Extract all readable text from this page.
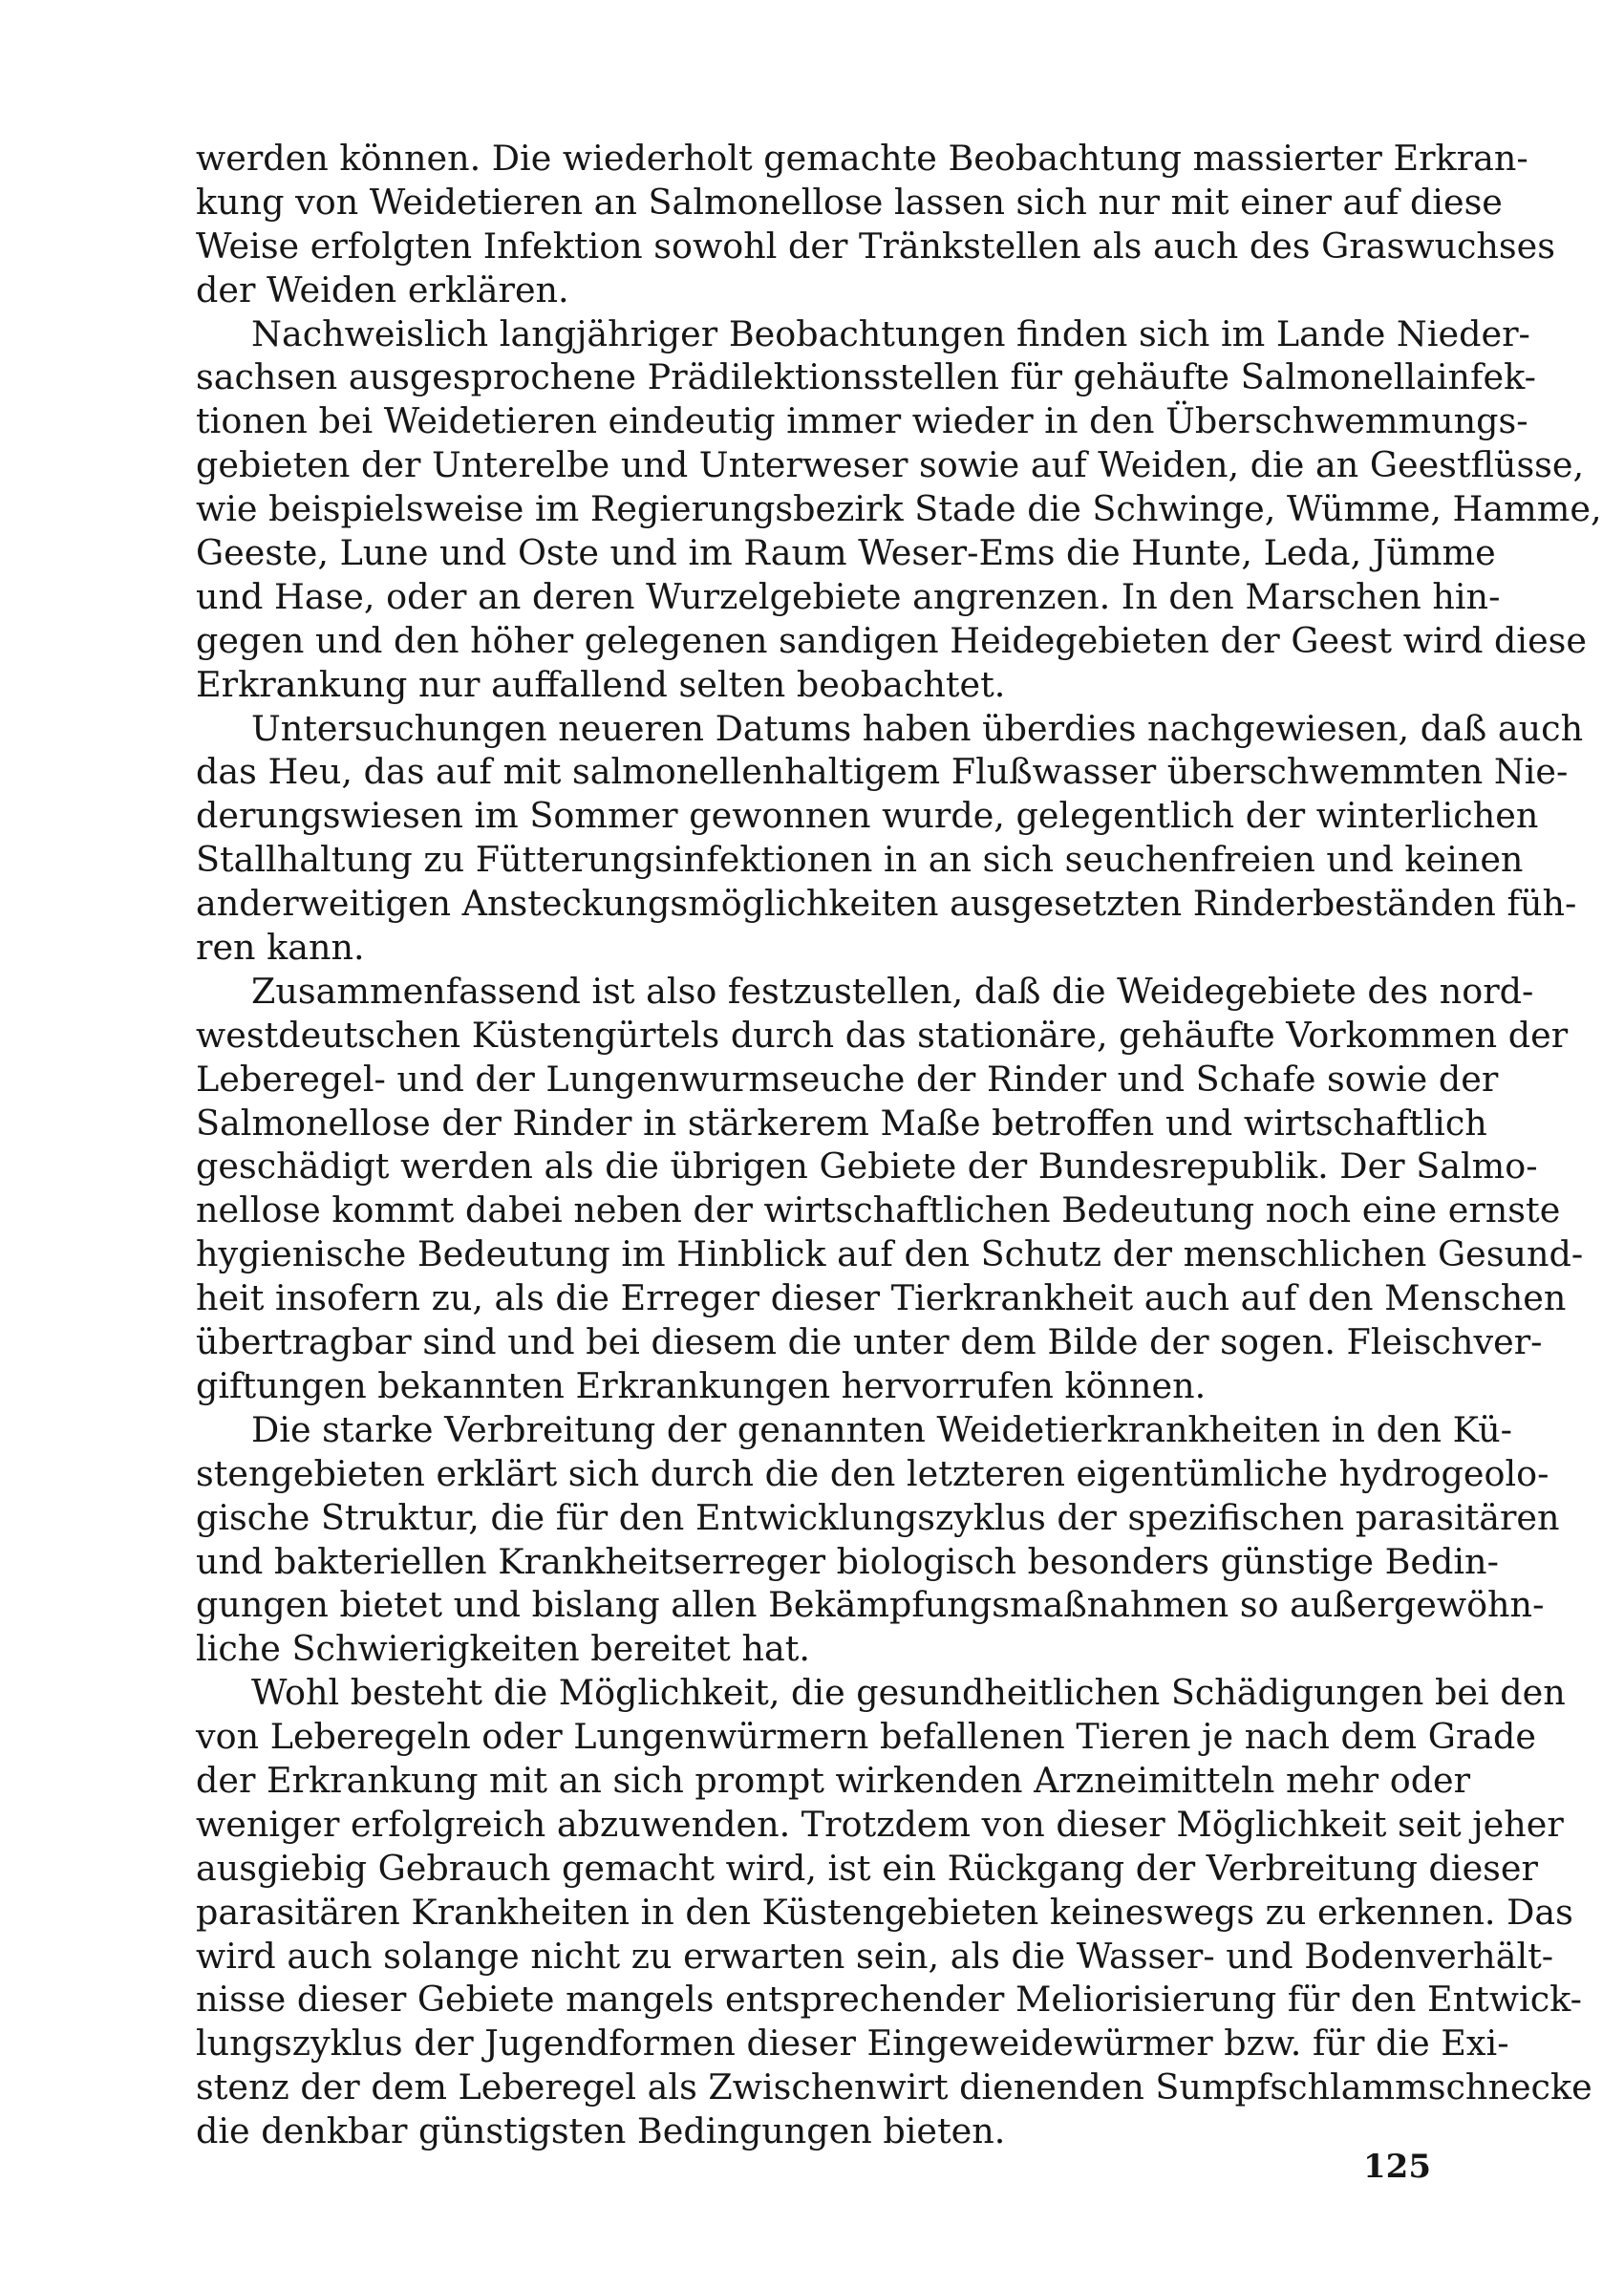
werden können. Die wiederholt gemachte Beobachtung massierter Erkran-
kung von Weidetieren an Salmonellose lassen sich nur mit einer auf diese
Weise erfolgten Infektion sowohl der Tränkstellen als auch des Graswuchses
der Weiden erklären.
Nachweislich langjähriger Beobachtungen finden sich im Lande Nieder-
sachsen ausgesprochene Prädilektionsstellen für gehäufte Salmonellainfek-
tionen bei Weidetieren eindeutig immer wieder in den Überschwemmungs-
gebieten der Unterelbe und Unterweser sowie auf Weiden, die an Geestflüsse,
wie beispielsweise im Regierungsbezirk Stade die Schwinge, Wümme, Hamme,
Geeste, Lune und Oste und im Raum Weser-Ems die Hunte, Leda, Jümme
und Hase, oder an deren Wurzelgebiete angrenzen. In den Marschen hin-
gegen und den höher gelegenen sandigen Heidegebieten der Geest wird diese
Erkrankung nur auffallend selten beobachtet.
Untersuchungen neueren Datums haben überdies nachgewiesen, daß auch
das Heu, das auf mit salmonellenhaltigem Flußwasser überschwemmten Nie-
derungswiesen im Sommer gewonnen wurde, gelegentlich der winterlichen
Stallhaltung zu Fütterungsinfektionen in an sich seuchenfreien und keinen
anderweitigen Ansteckungsmöglichkeiten ausgesetzten Rinderbeständen füh-
ren kann.
Zusammenfassend ist also festzustellen, daß die Weidegebiete des nord-
westdeutschen Küstengürtels durch das stationäre, gehäufte Vorkommen der
Leberegel- und der Lungenwurmseuche der Rinder und Schafe sowie der
Salmonellose der Rinder in stärkerem Maße betroffen und wirtschaftlich
geschädigt werden als die übrigen Gebiete der Bundesrepublik. Der Salmo-
nellose kommt dabei neben der wirtschaftlichen Bedeutung noch eine ernste
hygienische Bedeutung im Hinblick auf den Schutz der menschlichen Gesund-
heit insofern zu, als die Erreger dieser Tierkrankheit auch auf den Menschen
übertragbar sind und bei diesem die unter dem Bilde der sogen. Fleischver-
giftungen bekannten Erkrankungen hervorrufen können.
Die starke Verbreitung der genannten Weidetierkrankheiten in den Kü-
stengebieten erklärt sich durch die den letzteren eigentümliche hydrogeolo-
gische Struktur, die für den Entwicklungszyklus der spezifischen parasitären
und bakteriellen Krankheitserreger biologisch besonders günstige Bedin-
gungen bietet und bislang allen Bekämpfungsmaßnahmen so außergewöhn-
liche Schwierigkeiten bereitet hat.
Wohl besteht die Möglichkeit, die gesundheitlichen Schädigungen bei den
von Leberegeln oder Lungenwürmern befallenen Tieren je nach dem Grade
der Erkrankung mit an sich prompt wirkenden Arzneimitteln mehr oder
weniger erfolgreich abzuwenden. Trotzdem von dieser Möglichkeit seit jeher
ausgiebig Gebrauch gemacht wird, ist ein Rückgang der Verbreitung dieser
parasitären Krankheiten in den Küstengebieten keineswegs zu erkennen. Das
wird auch solange nicht zu erwarten sein, als die Wasser- und Bodenverhält-
nisse dieser Gebiete mangels entsprechender Meliorisierung für den Entwick-
lungszyklus der Jugendformen dieser Eingeweidewürmer bzw. für die Exi-
stenz der dem Leberegel als Zwischenwirt dienenden Sumpfschlammschnecke
die denkbar günstigsten Bedingungen bieten.
125
